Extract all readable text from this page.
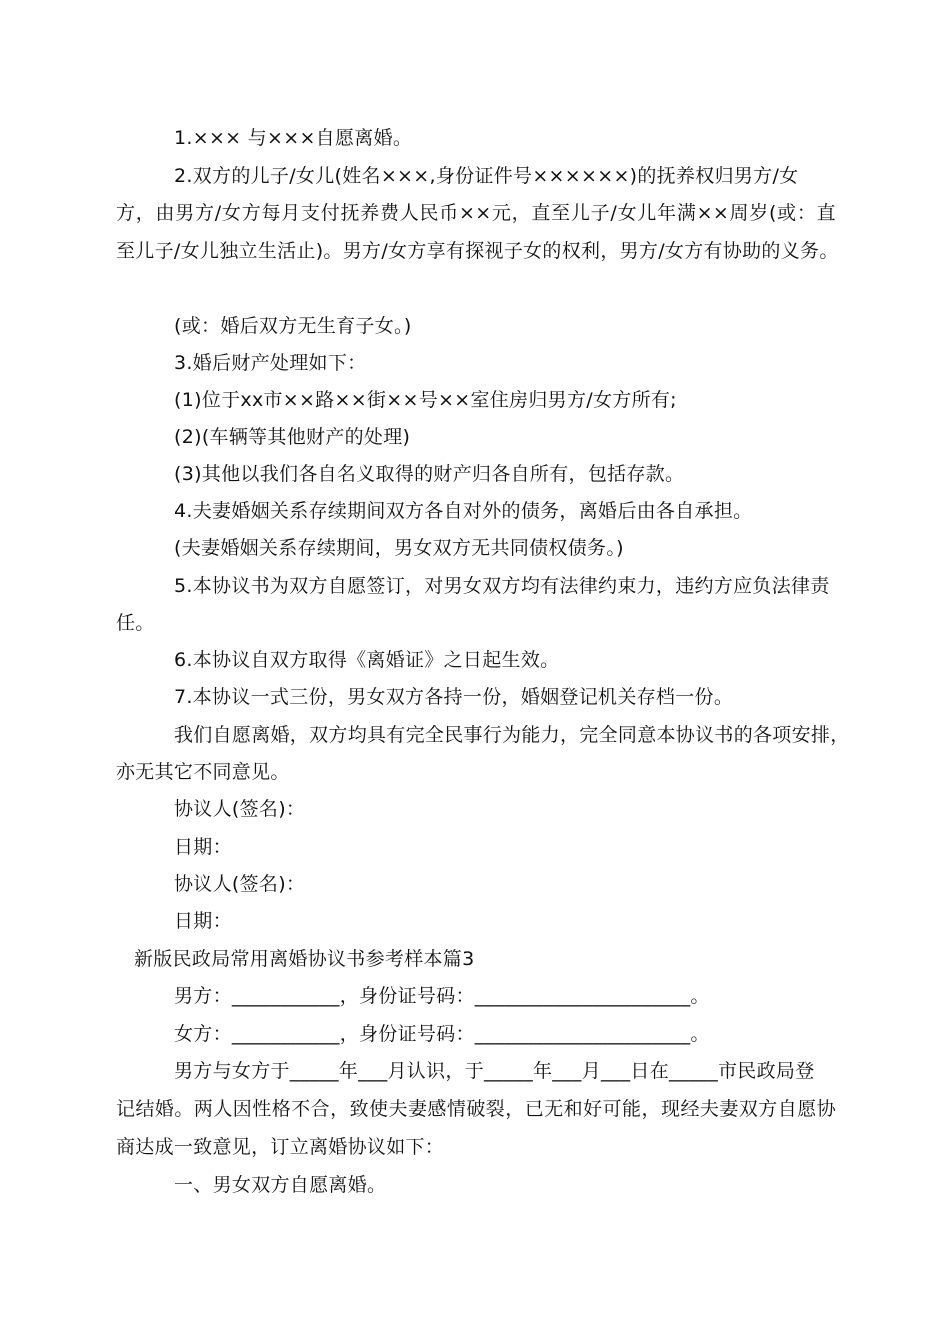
1.××× 与×××自愿离婚。
2.双方的儿子/女儿(姓名×××,身份证件号××××××)的抚养权归男方/女
方，由男方/女方每月支付抚养费人民币××元，直至儿子/女儿年满××周岁(或：直
至儿子/女儿独立生活止)。男方/女方享有探视子女的权利，男方/女方有协助的义务。
(或：婚后双方无生育子女。)
3.婚后财产处理如下：
(1)位于xx市××路××街××号××室住房归男方/女方所有;
(2)(车辆等其他财产的处理)
(3)其他以我们各自名义取得的财产归各自所有，包括存款。
4.夫妻婚姻关系存续期间双方各自对外的债务，离婚后由各自承担。
(夫妻婚姻关系存续期间，男女双方无共同债权债务。)
5.本协议书为双方自愿签订，对男女双方均有法律约束力，违约方应负法律责
任。
6.本协议自双方取得《离婚证》之日起生效。
7.本协议一式三份，男女双方各持一份，婚姻登记机关存档一份。
我们自愿离婚，双方均具有完全民事行为能力，完全同意本协议书的各项安排，
亦无其它不同意见。
协议人(签名)：
日期：
协议人(签名)：
日期：
新版民政局常用离婚协议书参考样本篇3
男方：___________，身份证号码：______________________。
女方：___________，身份证号码：______________________。
男方与女方于_____年___月认识，于_____年___月___日在_____市民政局登
记结婚。两人因性格不合，致使夫妻感情破裂，已无和好可能，现经夫妻双方自愿协
商达成一致意见，订立离婚协议如下：
一、男女双方自愿离婚。
